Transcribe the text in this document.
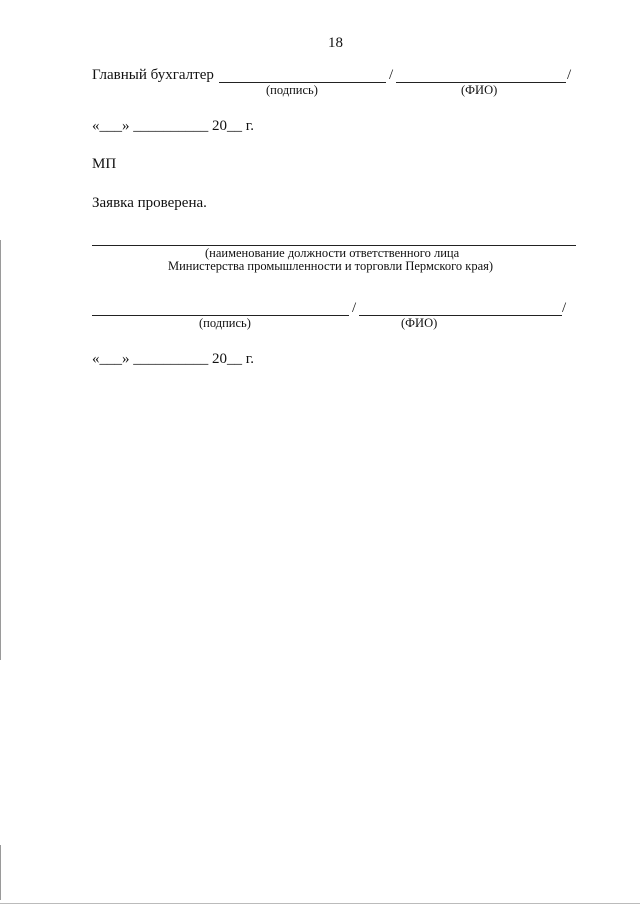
18
Главный бухгалтер	/	/
(подпись)	(ФИО)
«___» __________ 20__ г.
МП
Заявка проверена.
(наименование должности ответственного лица
Министерства промышленности и торговли Пермского края)
/	/
(подпись)	(ФИО)
«___» __________ 20__ г.
